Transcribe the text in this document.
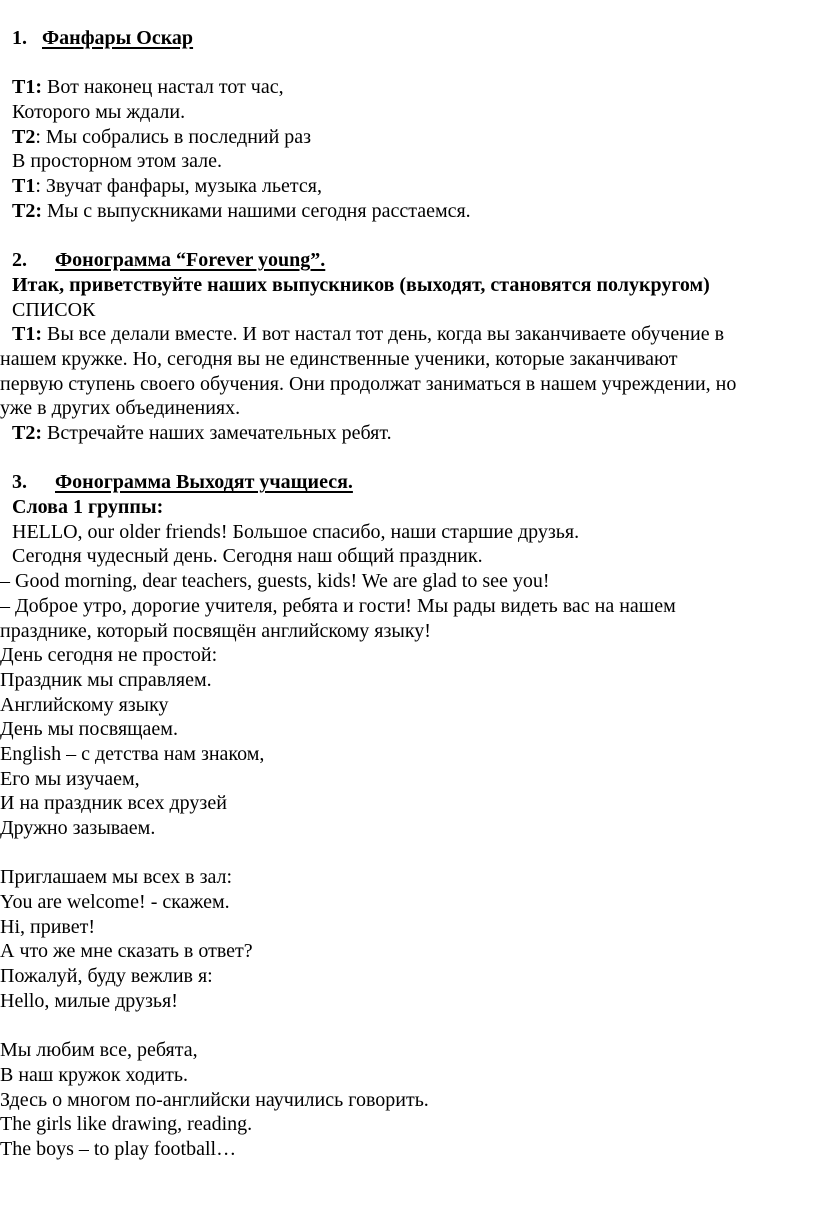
1. Фанфары Оскар
Т1: Вот наконец настал тот час,
Которого мы ждали.
Т2: Мы собрались в последний раз
В просторном этом зале.
Т1: Звучат фанфары, музыка льется,
Т2: Мы с выпускниками нашими сегодня расстаемся.
2. Фонограмма “Forever young”.
Итак, приветствуйте наших выпускников (выходят, становятся полукругом)
СПИСОК
Т1: Вы все делали вместе. И вот настал тот день, когда вы заканчиваете обучение в
нашем кружке. Но, сегодня вы не единственные ученики, которые заканчивают
первую ступень своего обучения. Они продолжат заниматься в нашем учреждении, но
уже в других объединениях.
Т2: Встречайте наших замечательных ребят.
3. Фонограмма Выходят учащиеся.
Слова 1 группы:
HELLO, our older friends! Большое спасибо, наши старшие друзья.
Сегодня чудесный день. Сегодня наш общий праздник.
– Good morning, dear teachers, guests, kids! We are glad to see you!
– Доброе утро, дорогие учителя, ребята и гости! Мы рады видеть вас на нашем
празднике, который посвящён английскому языку!
День сегодня не простой:
Праздник мы справляем.
Английскому языку
День мы посвящаем.
English – с детства нам знаком,
Его мы изучаем,
И на праздник всех друзей
Дружно зазываем.
Приглашаем мы всех в зал:
You are welcome! - скажем.
Hi, привет!
А что же мне сказать в ответ?
Пожалуй, буду вежлив я:
Hello, милые друзья!
Мы любим все, ребята,
В наш кружок ходить.
Здесь о многом по-английски научились говорить.
The girls like drawing, reading.
The boys – to play football…
